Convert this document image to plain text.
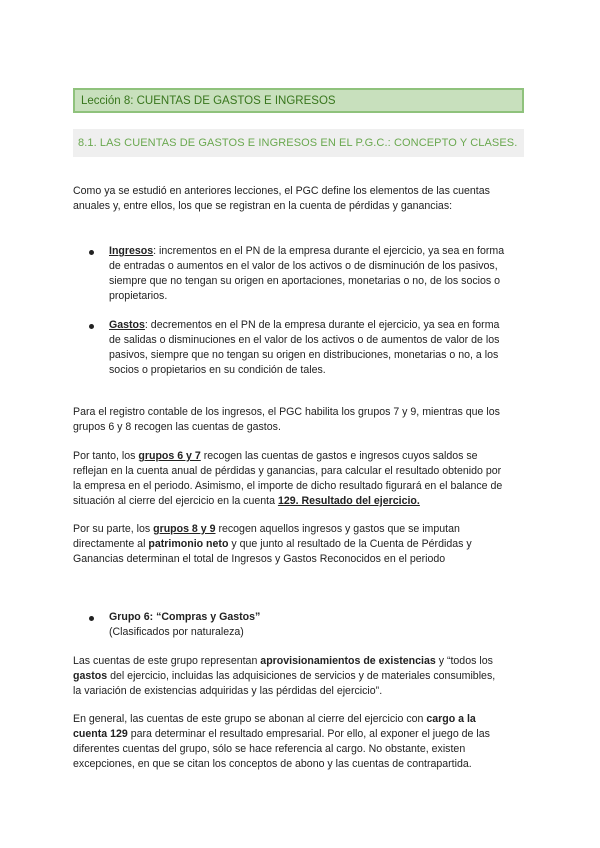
Lección 8: CUENTAS DE GASTOS E INGRESOS
8.1. LAS CUENTAS DE GASTOS E INGRESOS EN EL P.G.C.: CONCEPTO Y CLASES.
Como ya se estudió en anteriores lecciones, el PGC define los elementos de las cuentas
anuales y, entre ellos, los que se registran en la cuenta de pérdidas y ganancias:
Ingresos: incrementos en el PN de la empresa durante el ejercicio, ya sea en forma
de entradas o aumentos en el valor de los activos o de disminución de los pasivos,
siempre que no tengan su origen en aportaciones, monetarias o no, de los socios o
propietarios.
Gastos: decrementos en el PN de la empresa durante el ejercicio, ya sea en forma
de salidas o disminuciones en el valor de los activos o de aumentos de valor de los
pasivos, siempre que no tengan su origen en distribuciones, monetarias o no, a los
socios o propietarios en su condición de tales.
Para el registro contable de los ingresos, el PGC habilita los grupos 7 y 9, mientras que los
grupos 6 y 8 recogen las cuentas de gastos.
Por tanto, los grupos 6 y 7 recogen las cuentas de gastos e ingresos cuyos saldos se
reflejan en la cuenta anual de pérdidas y ganancias, para calcular el resultado obtenido por
la empresa en el periodo. Asimismo, el importe de dicho resultado figurará en el balance de
situación al cierre del ejercicio en la cuenta 129. Resultado del ejercicio.
Por su parte, los grupos 8 y 9 recogen aquellos ingresos y gastos que se imputan
directamente al patrimonio neto y que junto al resultado de la Cuenta de Pérdidas y
Ganancias determinan el total de Ingresos y Gastos Reconocidos en el periodo
Grupo 6: “Compras y Gastos”
(Clasificados por naturaleza)
Las cuentas de este grupo representan aprovisionamientos de existencias y “todos los
gastos del ejercicio, incluidas las adquisiciones de servicios y de materiales consumibles,
la variación de existencias adquiridas y las pérdidas del ejercicio”.
En general, las cuentas de este grupo se abonan al cierre del ejercicio con cargo a la
cuenta 129 para determinar el resultado empresarial. Por ello, al exponer el juego de las
diferentes cuentas del grupo, sólo se hace referencia al cargo. No obstante, existen
excepciones, en que se citan los conceptos de abono y las cuentas de contrapartida.
